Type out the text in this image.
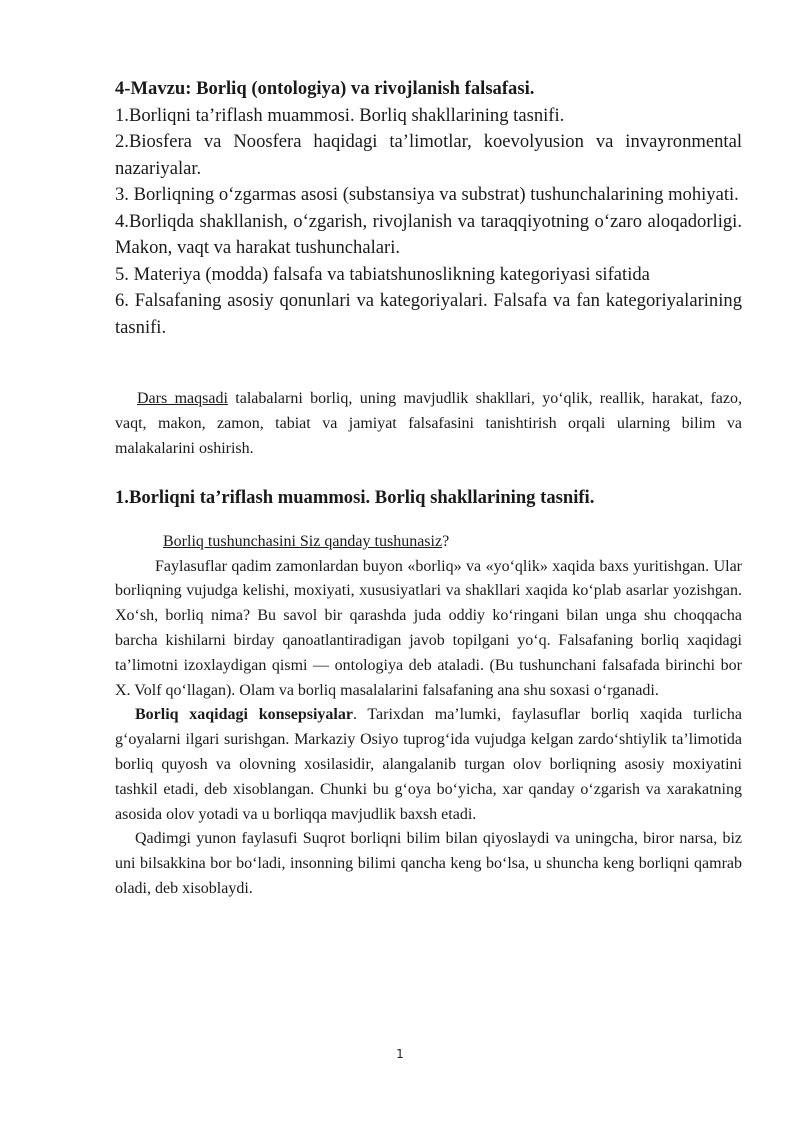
4-Mavzu: Borliq (ontologiya) va rivojlanish falsafasi.

1.Borliqni ta’riflash muammosi. Borliq shakllarining tasnifi.

2.Biosfera va Noosfera haqidagi ta’limotlar, koevolyusion va invayronmental nazariyalar.

3. Borliqning o‘zgarmas asosi (substansiya va substrat) tushunchalarining mohiyati.

4.Borliqda shakllanish, o‘zgarish, rivojlanish va taraqqiyotning o‘zaro aloqadorligi. Makon, vaqt va harakat tushunchalari.

5. Materiya (modda) falsafa va tabiatshunoslikning kategoriyasi sifatida

6. Falsafaning asosiy qonunlari va kategoriyalari. Falsafa va fan kategoriyalarining tasnifi.

Dars maqsadi talabalarni borliq, uning mavjudlik shakllari, yo‘qlik, reallik, harakat, fazo, vaqt, makon, zamon, tabiat va jamiyat falsafasini tanishtirish orqali ularning bilim va malakalarini oshirish.

1.Borliqni ta’riflash muammosi. Borliq shakllarining tasnifi.

Borliq tushunchasini Siz qanday tushunasiz?

Faylasuflar qadim zamonlardan buyon «borliq» va «yo‘qlik» xaqida baxs yuritishgan. Ular borliqning vujudga kelishi, moxiyati, xususiyatlari va shakllari xaqida ko‘plab asarlar yozishgan. Xo‘sh, borliq nima? Bu savol bir qarashda juda oddiy ko‘ringani bilan unga shu choqqacha barcha kishilarni birday qanoatlantiradigan javob topilgani yo‘q. Falsafaning borliq xaqidagi ta’limotni izoxlaydigan qismi — ontologiya deb ataladi. (Bu tushunchani falsafada birinchi bor X. Volf qo‘llagan). Olam va borliq masalalarini falsafaning ana shu soxasi o‘rganadi.

Borliq xaqidagi konsepsiyalar. Tarixdan ma’lumki, faylasuflar borliq xaqida turlicha g‘oyalarni ilgari surishgan. Markaziy Osiyo tuprog‘ida vujudga kelgan zardo‘shtiylik ta’limotida borliq quyosh va olovning xosilasidir, alangalanib turgan olov borliqning asosiy moxiyatini tashkil etadi, deb xisoblangan. Chunki bu g‘oya bo‘yicha, xar qanday o‘zgarish va xarakatning asosida olov yotadi va u borliqqa mavjudlik baxsh etadi.

Qadimgi yunon faylasufi Suqrot borliqni bilim bilan qiyoslaydi va uningcha, biror narsa, biz uni bilsakkina bor bo‘ladi, insonning bilimi qancha keng bo‘lsa, u shuncha keng borliqni qamrab oladi, deb xisoblaydi.

1
